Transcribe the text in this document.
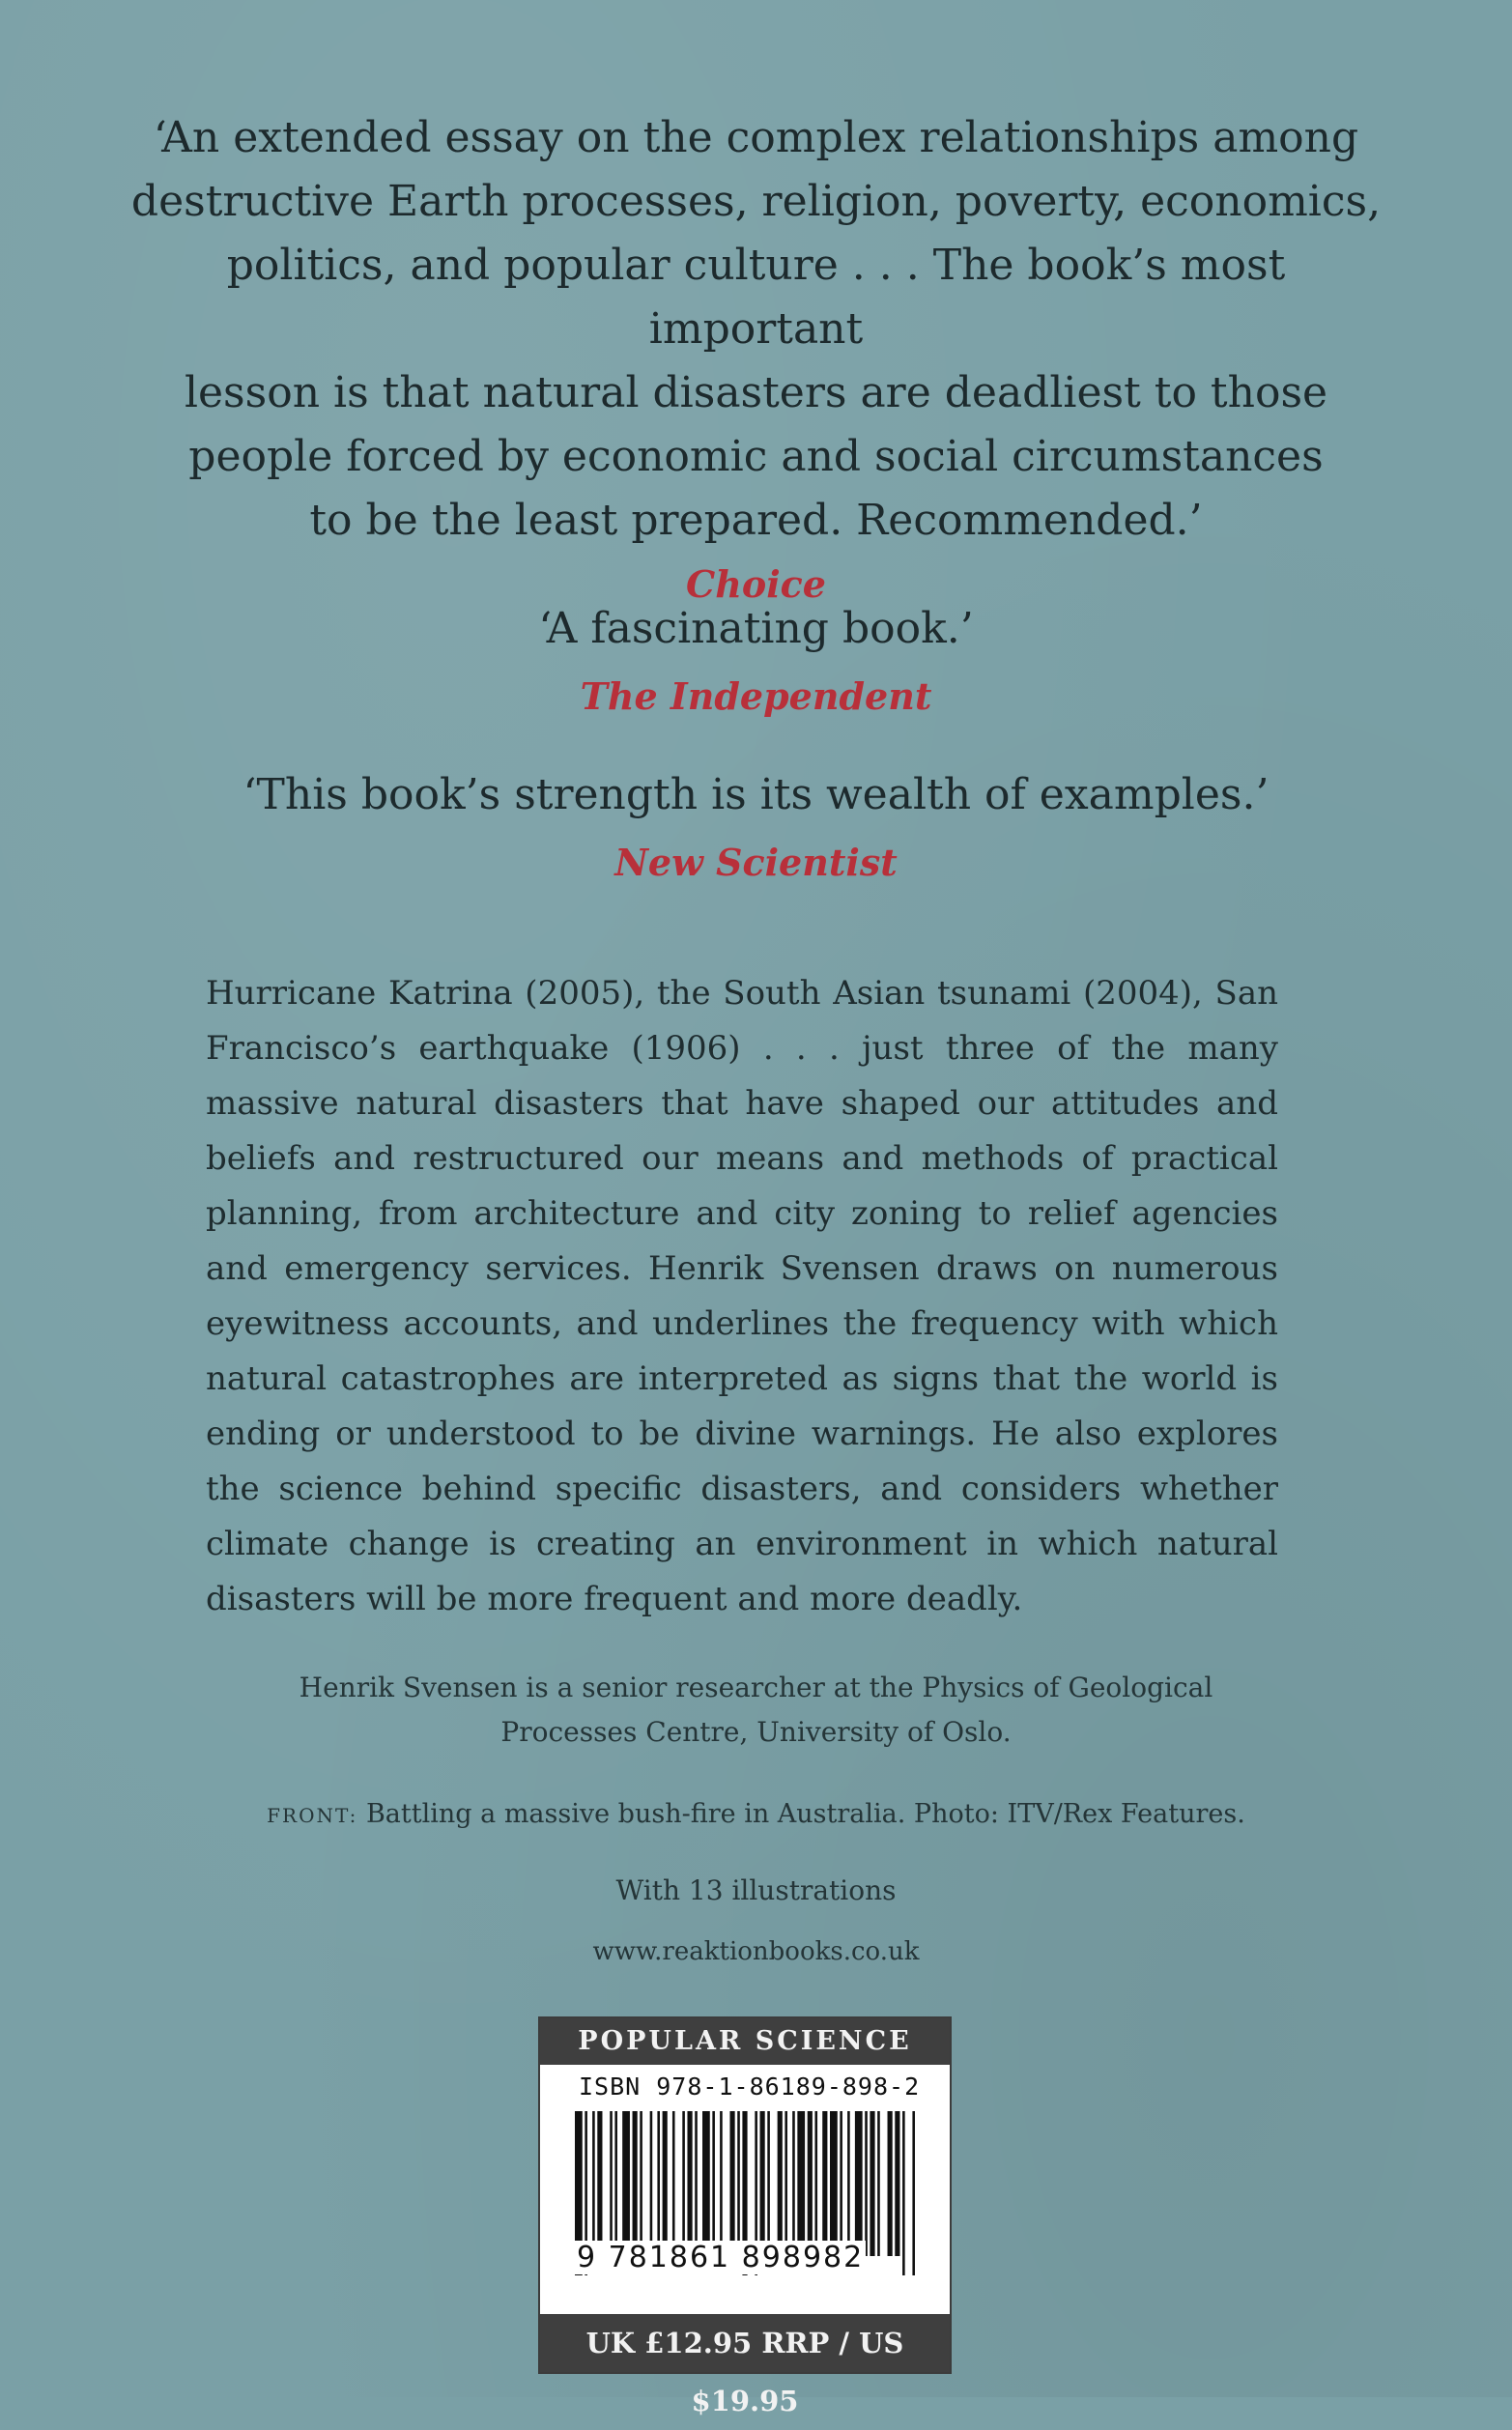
‘An extended essay on the complex relationships among
destructive Earth processes, religion, poverty, economics,
politics, and popular culture . . . The book’s most important
lesson is that natural disasters are deadliest to those
people forced by economic and social circumstances
to be the least prepared. Recommended.’

Choice

‘A fascinating book.’

The Independent

‘This book’s strength is its wealth of examples.’

New Scientist

Hurricane Katrina (2005), the South Asian tsunami (2004), San Francisco’s earthquake (1906) . . . just three of the many massive natural disasters that have shaped our attitudes and beliefs and restructured our means and methods of practical planning, from architecture and city zoning to relief agencies and emergency services. Henrik Svensen draws on numerous eyewitness accounts, and underlines the frequency with which natural catastrophes are interpreted as signs that the world is ending or understood to be divine warnings. He also explores the science behind specific disasters, and considers whether climate change is creating an environment in which natural disasters will be more frequent and more deadly.

Henrik Svensen is a senior researcher at the Physics of Geological
Processes Centre, University of Oslo.

FRONT: Battling a massive bush-fire in Australia. Photo: ITV/Rex Features.

With 13 illustrations

www.reaktionbooks.co.uk

POPULAR SCIENCE
ISBN 978-1-86189-898-2
9 781861 898982
UK £12.95 RRP / US $19.95
